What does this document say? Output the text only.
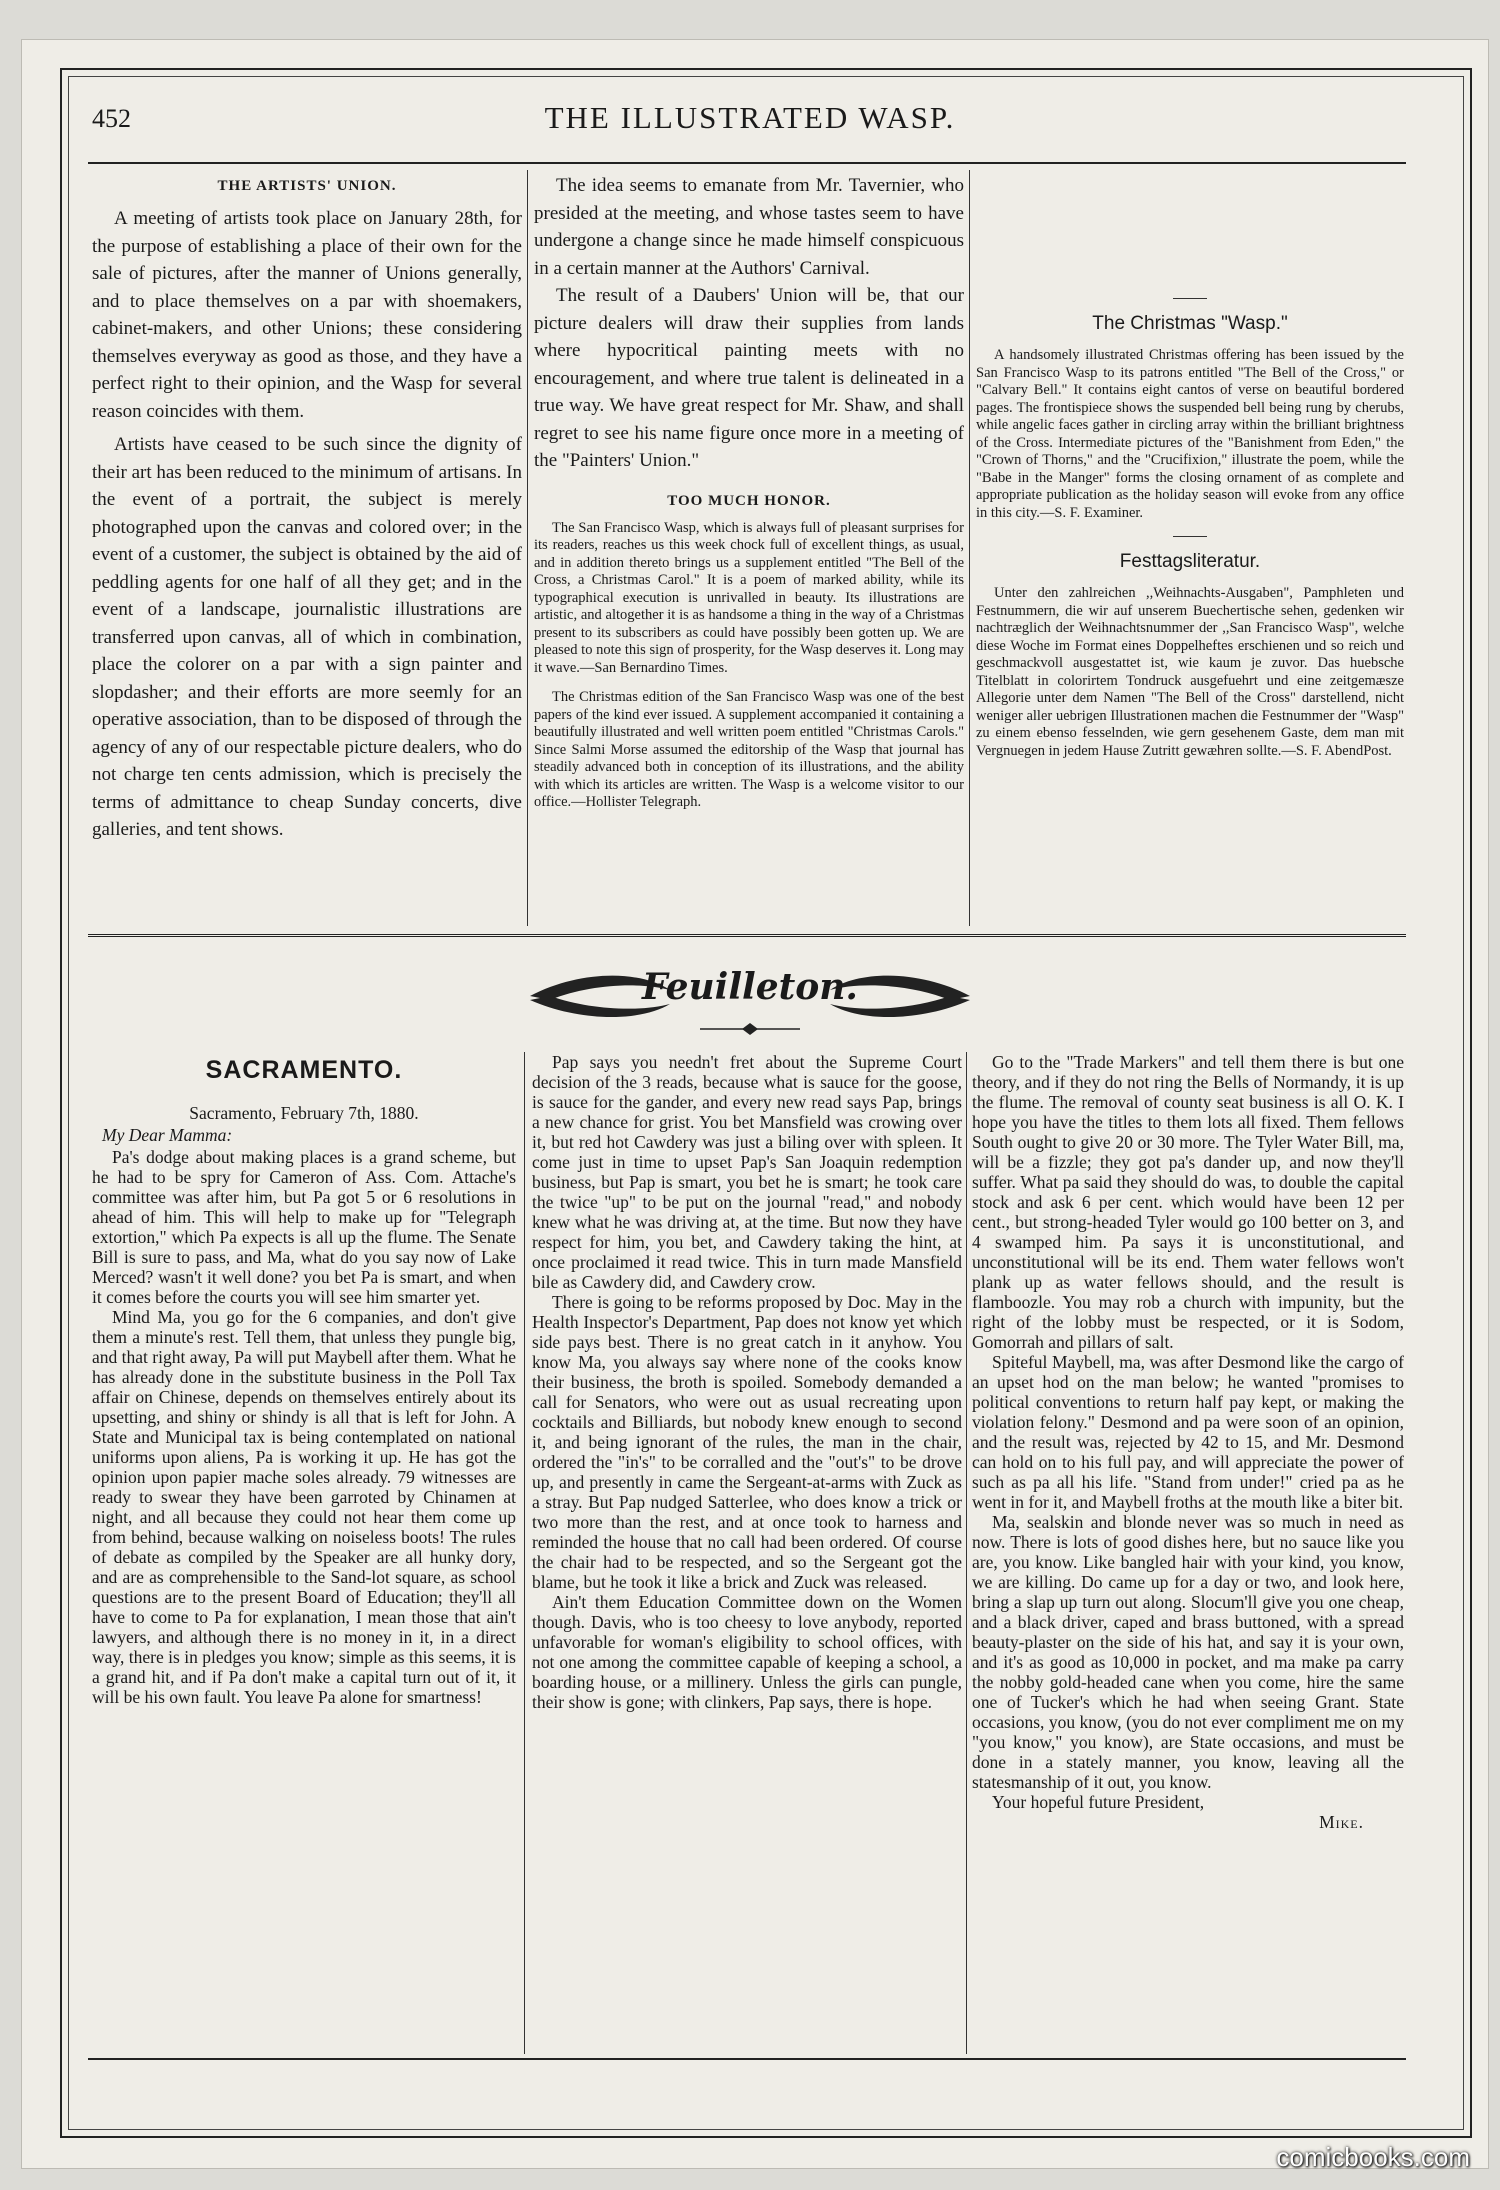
452	THE ILLUSTRATED WASP.
THE ARTISTS' UNION.

A meeting of artists took place on January 28th, for the purpose of establishing a place of their own for the sale of pictures, after the manner of Unions generally, and to place themselves on a par with shoemakers, cabinet-makers, and other Unions; these considering themselves everyway as good as those, and they have a perfect right to their opinion, and the Wasp for several reason coincides with them.

Artists have ceased to be such since the dignity of their art has been reduced to the minimum of artisans. In the event of a portrait, the subject is merely photographed upon the canvas and colored over; in the event of a customer, the subject is obtained by the aid of peddling agents for one half of all they get; and in the event of a landscape, journalistic illustrations are transferred upon canvas, all of which in combination, place the colorer on a par with a sign painter and slopdasher; and their efforts are more seemly for an operative association, than to be disposed of through the agency of any of our respectable picture dealers, who do not charge ten cents admission, which is precisely the terms of admittance to cheap Sunday concerts, dive galleries, and tent shows.

The idea seems to emanate from Mr. Tavernier, who presided at the meeting, and whose tastes seem to have undergone a change since he made himself conspicuous in a certain manner at the Authors' Carnival.

The result of a Daubers' Union will be, that our picture dealers will draw their supplies from lands where hypocritical painting meets with no encouragement, and where true talent is delineated in a true way. We have great respect for Mr. Shaw, and shall regret to see his name figure once more in a meeting of the "Painters' Union."

TOO MUCH HONOR.

The San Francisco Wasp, which is always full of pleasant surprises for its readers, reaches us this week chock full of excellent things, as usual, and in addition thereto brings us a supplement entitled "The Bell of the Cross, a Christmas Carol." It is a poem of marked ability, while its typographical execution is unrivalled in beauty. Its illustrations are artistic, and altogether it is as handsome a thing in the way of a Christmas present to its subscribers as could have possibly been gotten up. We are pleased to note this sign of prosperity, for the Wasp deserves it. Long may it wave.—San Bernardino Times.

The Christmas edition of the San Francisco Wasp was one of the best papers of the kind ever issued. A supplement accompanied it containing a beautifully illustrated and well written poem entitled "Christmas Carols." Since Salmi Morse assumed the editorship of the Wasp that journal has steadily advanced both in conception of its illustrations, and the ability with which its articles are written. The Wasp is a welcome visitor to our office.—Hollister Telegraph.

The Christmas "Wasp."

A handsomely illustrated Christmas offering has been issued by the San Francisco Wasp to its patrons entitled "The Bell of the Cross," or "Calvary Bell." It contains eight cantos of verse on beautiful bordered pages. The frontispiece shows the suspended bell being rung by cherubs, while angelic faces gather in circling array within the brilliant brightness of the Cross. Intermediate pictures of the "Banishment from Eden," the "Crown of Thorns," and the "Crucifixion," illustrate the poem, while the "Babe in the Manger" forms the closing ornament of as complete and appropriate publication as the holiday season will evoke from any office in this city.—S. F. Examiner.

Festtagsliteratur.

Unter den zahlreichen ,,Weihnachts-Ausgaben", Pamphleten und Festnummern, die wir auf unserem Buechertische sehen, gedenken wir nachtræglich der Weihnachtsnummer der ,,San Francisco Wasp", welche diese Woche im Format eines Doppelheftes erschienen und so reich und geschmackvoll ausgestattet ist, wie kaum je zuvor. Das huebsche Titelblatt in colorirtem Tondruck ausgefuehrt und eine zeitgemæsze Allegorie unter dem Namen "The Bell of the Cross" darstellend, nicht weniger aller uebrigen Illustrationen machen die Festnummer der "Wasp" zu einem ebenso fesselnden, wie gern gesehenem Gaste, dem man mit Vergnuegen in jedem Hause Zutritt gewæhren sollte.—S. F. AbendPost.

Feuilleton.
SACRAMENTO.
Sacramento, February 7th, 1880.
My Dear Mamma:

Pa's dodge about making places is a grand scheme, but he had to be spry for Cameron of Ass. Com. Attache's committee was after him, but Pa got 5 or 6 resolutions in ahead of him. This will help to make up for "Telegraph extortion," which Pa expects is all up the flume. The Senate Bill is sure to pass, and Ma, what do you say now of Lake Merced? wasn't it well done? you bet Pa is smart, and when it comes before the courts you will see him smarter yet.

Mind Ma, you go for the 6 companies, and don't give them a minute's rest. Tell them, that unless they pungle big, and that right away, Pa will put Maybell after them. What he has already done in the substitute business in the Poll Tax affair on Chinese, depends on themselves entirely about its upsetting, and shiny or shindy is all that is left for John. A State and Municipal tax is being contemplated on national uniforms upon aliens, Pa is working it up. He has got the opinion upon papier mache soles already. 79 witnesses are ready to swear they have been garroted by Chinamen at night, and all because they could not hear them come up from behind, because walking on noiseless boots! The rules of debate as compiled by the Speaker are all hunky dory, and are as comprehensible to the Sand-lot square, as school questions are to the present Board of Education; they'll all have to come to Pa for explanation, I mean those that ain't lawyers, and although there is no money in it, in a direct way, there is in pledges you know; simple as this seems, it is a grand hit, and if Pa don't make a capital turn out of it, it will be his own fault. You leave Pa alone for smartness!

Pap says you needn't fret about the Supreme Court decision of the 3 reads, because what is sauce for the goose, is sauce for the gander, and every new read says Pap, brings a new chance for grist. You bet Mansfield was crowing over it, but red hot Cawdery was just a biling over with spleen. It come just in time to upset Pap's San Joaquin redemption business, but Pap is smart, you bet he is smart; he took care the twice "up" to be put on the journal "read," and nobody knew what he was driving at, at the time. But now they have respect for him, you bet, and Cawdery taking the hint, at once proclaimed it read twice. This in turn made Mansfield bile as Cawdery did, and Cawdery crow.

There is going to be reforms proposed by Doc. May in the Health Inspector's Department, Pap does not know yet which side pays best. There is no great catch in it anyhow. You know Ma, you always say where none of the cooks know their business, the broth is spoiled. Somebody demanded a call for Senators, who were out as usual recreating upon cocktails and Billiards, but nobody knew enough to second it, and being ignorant of the rules, the man in the chair, ordered the "in's" to be corralled and the "out's" to be drove up, and presently in came the Sergeant-at-arms with Zuck as a stray. But Pap nudged Satterlee, who does know a trick or two more than the rest, and at once took to harness and reminded the house that no call had been ordered. Of course the chair had to be respected, and so the Sergeant got the blame, but he took it like a brick and Zuck was released.

Ain't them Education Committee down on the Women though. Davis, who is too cheesy to love anybody, reported unfavorable for woman's eligibility to school offices, with not one among the committee capable of keeping a school, a boarding house, or a millinery. Unless the girls can pungle, their show is gone; with clinkers, Pap says, there is hope.

Go to the "Trade Markers" and tell them there is but one theory, and if they do not ring the Bells of Normandy, it is up the flume. The removal of county seat business is all O. K. I hope you have the titles to them lots all fixed. Them fellows South ought to give 20 or 30 more. The Tyler Water Bill, ma, will be a fizzle; they got pa's dander up, and now they'll suffer. What pa said they should do was, to double the capital stock and ask 6 per cent. which would have been 12 per cent., but strong-headed Tyler would go 100 better on 3, and 4 swamped him. Pa says it is unconstitutional, and unconstitutional will be its end. Them water fellows won't plank up as water fellows should, and the result is flamboozle. You may rob a church with impunity, but the right of the lobby must be respected, or it is Sodom, Gomorrah and pillars of salt.

Spiteful Maybell, ma, was after Desmond like the cargo of an upset hod on the man below; he wanted "promises to political conventions to return half pay kept, or making the violation felony." Desmond and pa were soon of an opinion, and the result was, rejected by 42 to 15, and Mr. Desmond can hold on to his full pay, and will appreciate the power of such as pa all his life. "Stand from under!" cried pa as he went in for it, and Maybell froths at the mouth like a biter bit.

Ma, sealskin and blonde never was so much in need as now. There is lots of good dishes here, but no sauce like you are, you know. Like bangled hair with your kind, you know, we are killing. Do came up for a day or two, and look here, bring a slap up turn out along. Slocum'll give you one cheap, and a black driver, caped and brass buttoned, with a spread beauty-plaster on the side of his hat, and say it is your own, and it's as good as 10,000 in pocket, and ma make pa carry the nobby gold-headed cane when you come, hire the same one of Tucker's which he had when seeing Grant. State occasions, you know, (you do not ever compliment me on my "you know," you know), are State occasions, and must be done in a stately manner, you know, leaving all the statesmanship of it out, you know.

Your hopeful future President,

Mike.
comicbooks.com
